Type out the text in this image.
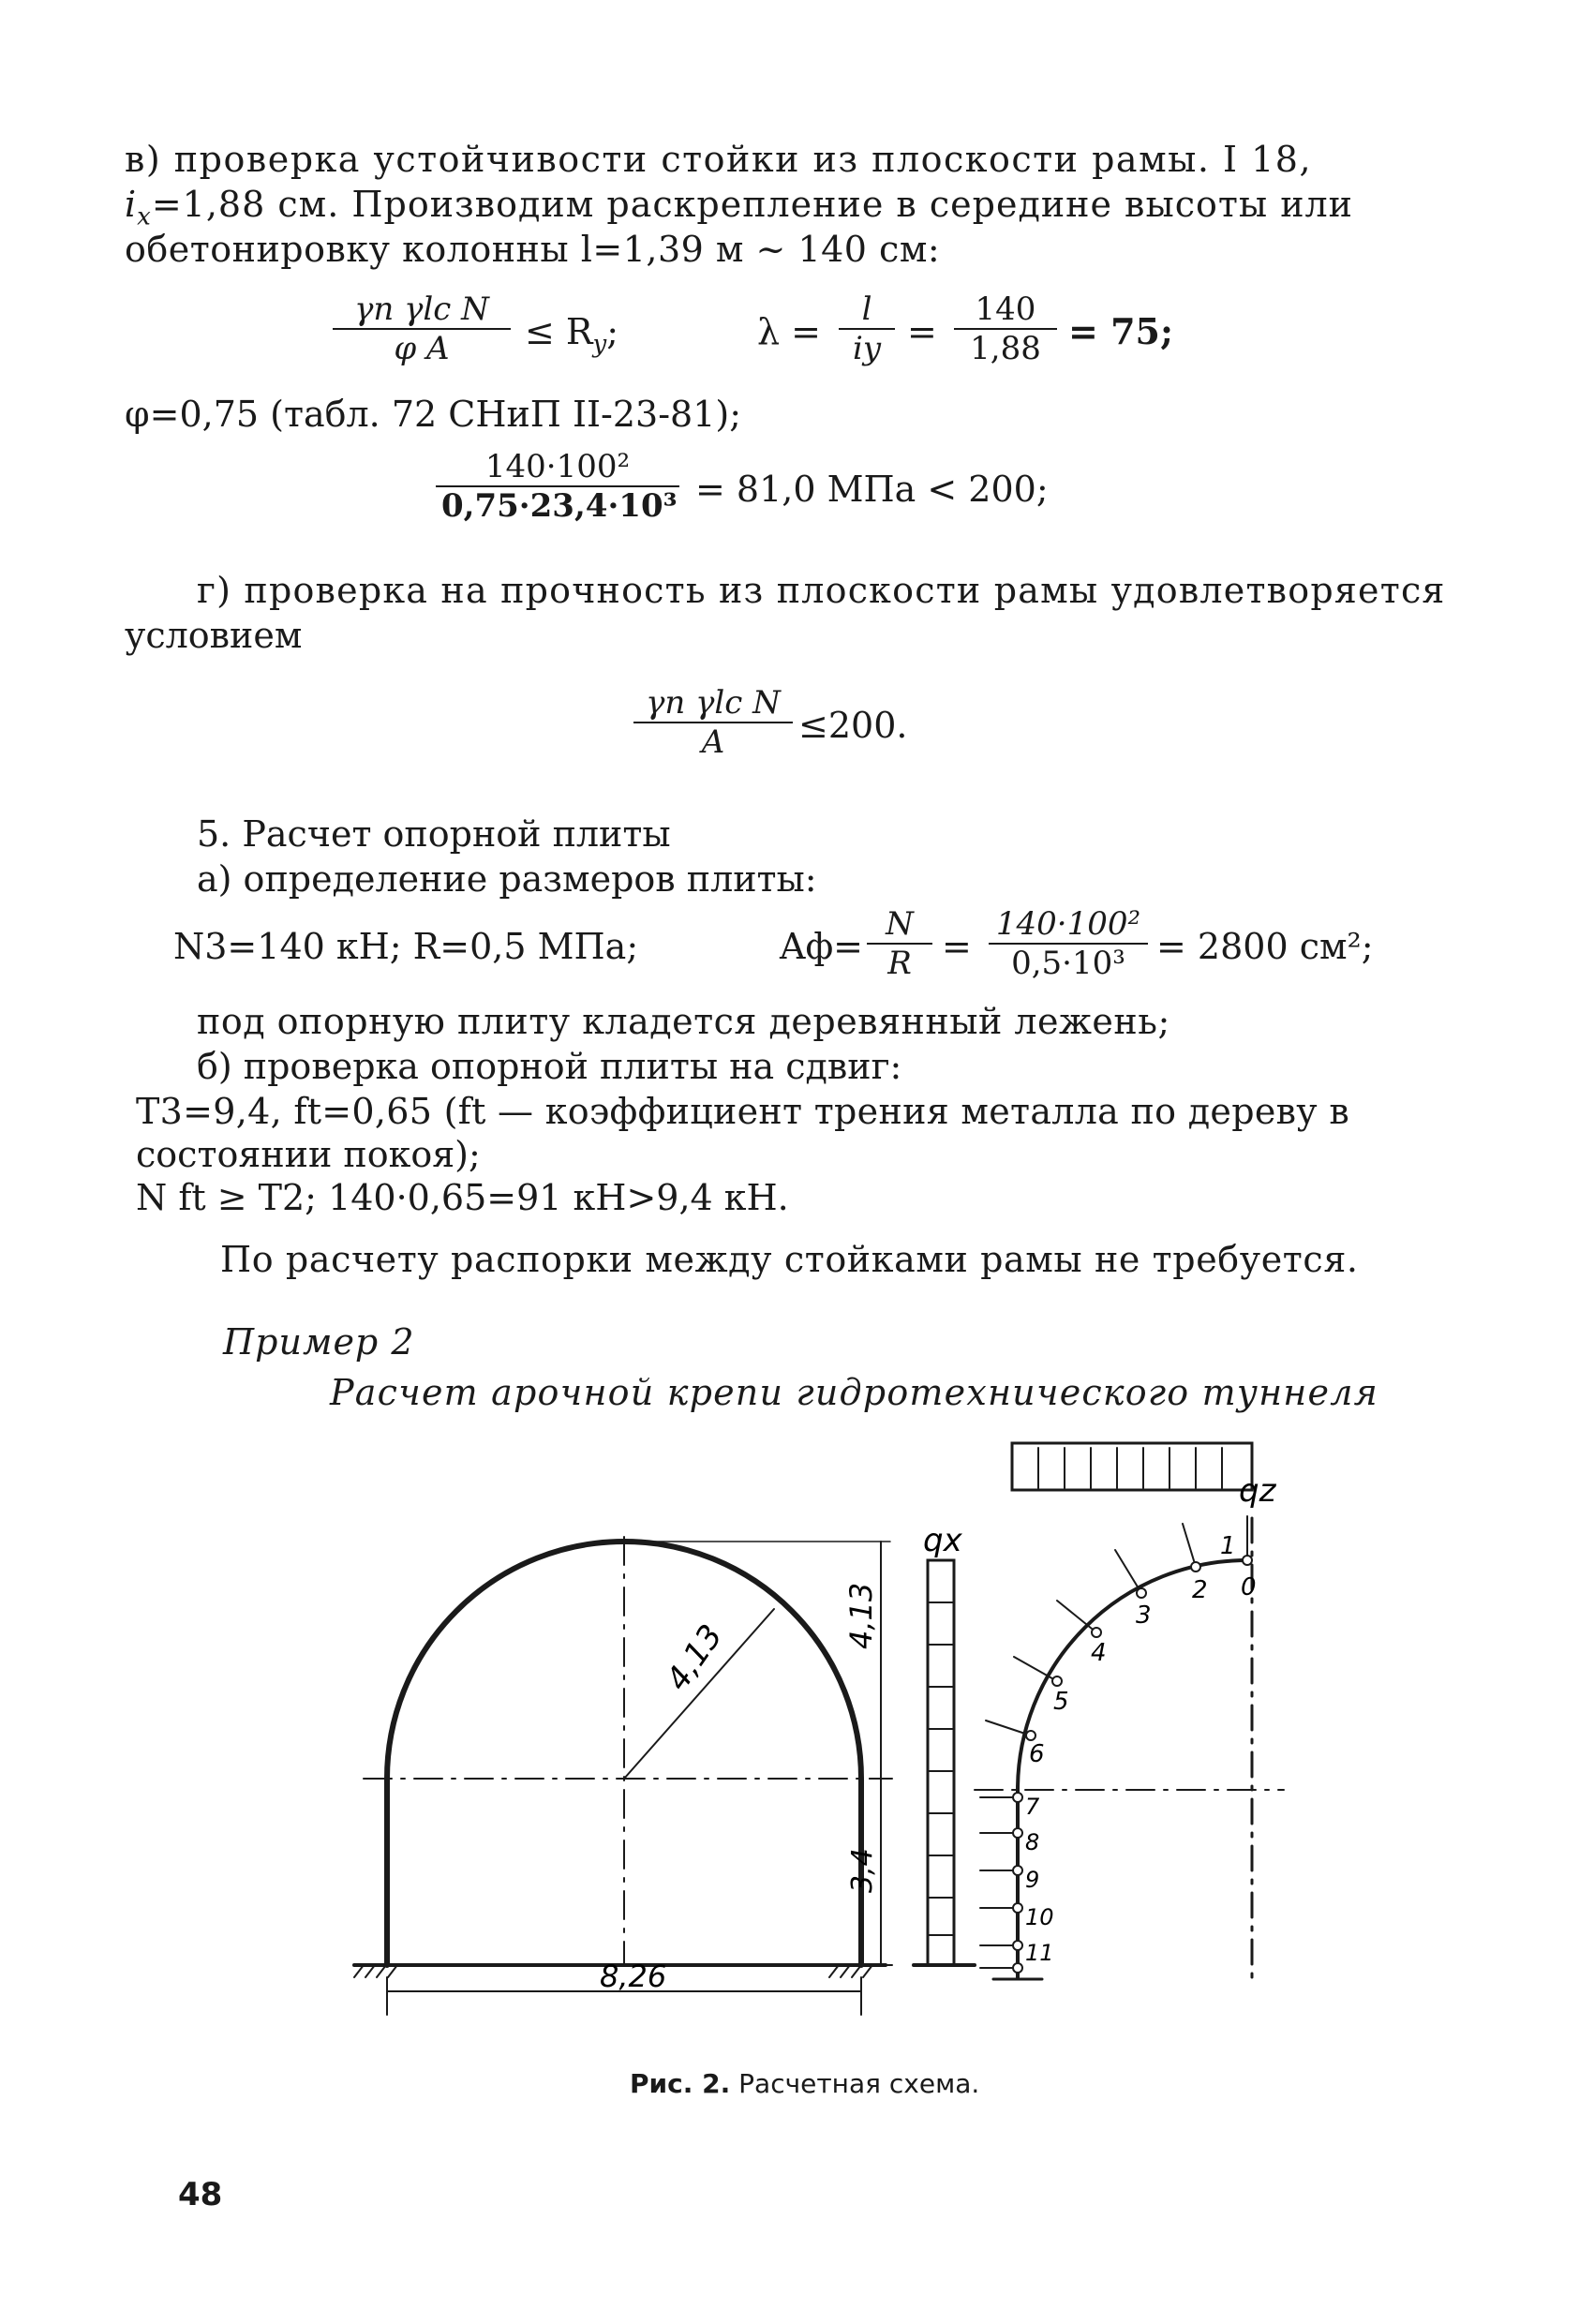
в) проверка устойчивости стойки из плоскости рамы. I 18,
$i_x=1,88$ см. Производим раскрепление в середине высоты или
обетонировку колонны l=1,39 м ~ 140 см:
γn γlc N
φ A	≤ $R_y$;	$\lambda = \frac{l}{iy} = \frac{140}{1,88} = 75$;
φ=0,75 (табл. 72 СНиП II-23-81);
$\frac{\text{140·100²}}{\text{0,75·23,4·10³}} = 81,0$ МПа < 200;
г) проверка на прочность из плоскости рамы удовлетворяется
условием
γn γlc N
A	≤200.
5. Расчет опорной плиты
а) определение размеров плиты:
N3=140 кН; R=0,5 МПа;	$Aф= \frac{N}{R} = \frac{\text{140·100²}}{\text{0,5·10³}} = 2800$ см²;
под опорную плиту кладется деревянный лежень;
б) проверка опорной плиты на сдвиг:
T3=9,4, ft=0,65 (ft — коэффициент трения металла по дереву в
состоянии покоя);
N ft ≥ T2; 140·0,65=91 кН>9,4 кН.
По расчету распорки между стойками рамы не требуется.
Пример 2
Расчет арочной крепи гидротехнического туннеля
4,13
4,13
3,4
8,26
qx
qz
0
1
2
3
4
5
6
7
8
9
10
11
Рис. 2. Расчетная схема.
48
